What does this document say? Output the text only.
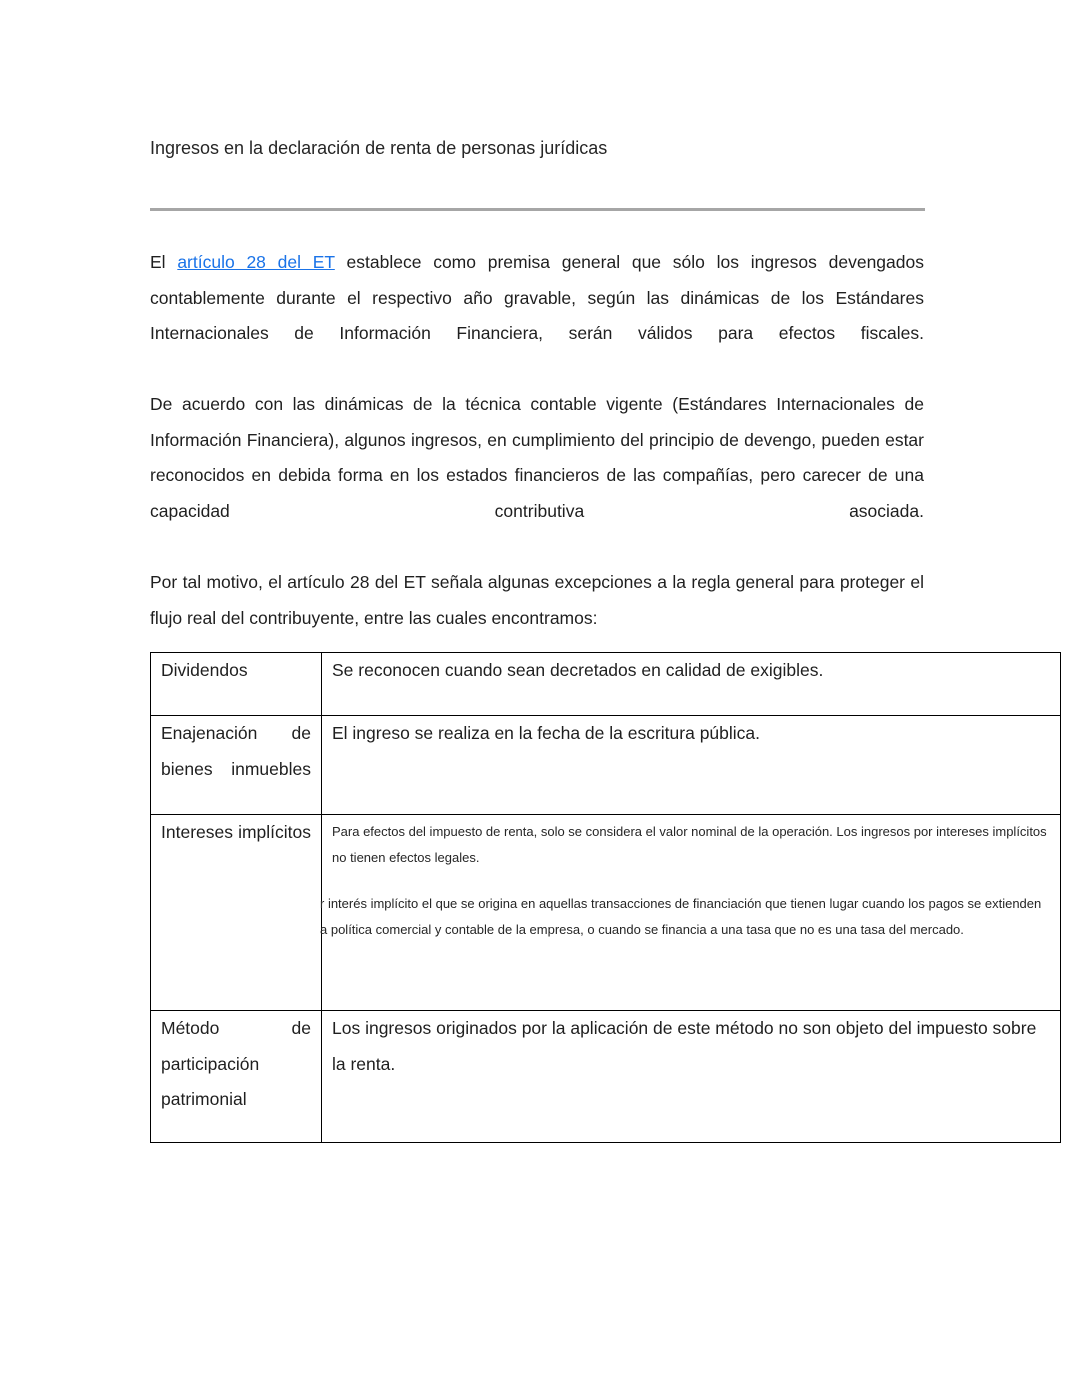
Ingresos en la declaración de renta de personas jurídicas

El artículo 28 del ET establece como premisa general que sólo los ingresos devengados contablemente durante el respectivo año gravable, según las dinámicas de los Estándares Internacionales de Información Financiera, serán válidos para efectos fiscales.

De acuerdo con las dinámicas de la técnica contable vigente (Estándares Internacionales de Información Financiera), algunos ingresos, en cumplimiento del principio de devengo, pueden estar reconocidos en debida forma en los estados financieros de las compañías, pero carecer de una capacidad contributiva asociada.

Por tal motivo, el artículo 28 del ET señala algunas excepciones a la regla general para proteger el flujo real del contribuyente, entre las cuales encontramos:

Dividendos	Se reconocen cuando sean decretados en calidad de exigibles.
Enajenación de bienes inmuebles	El ingreso se realiza en la fecha de la escritura pública.
Intereses implícitos	Para efectos del impuesto de renta, solo se considera el valor nominal de la operación. Los ingresos por intereses implícitos no tienen efectos legales.
r interés implícito el que se origina en aquellas transacciones de financiación que tienen lugar cuando los pagos se extienden
a política comercial y contable de la empresa, o cuando se financia a una tasa que no es una tasa del mercado.

Método de participación patrimonial	Los ingresos originados por la aplicación de este método no son objeto del impuesto sobre la renta.
